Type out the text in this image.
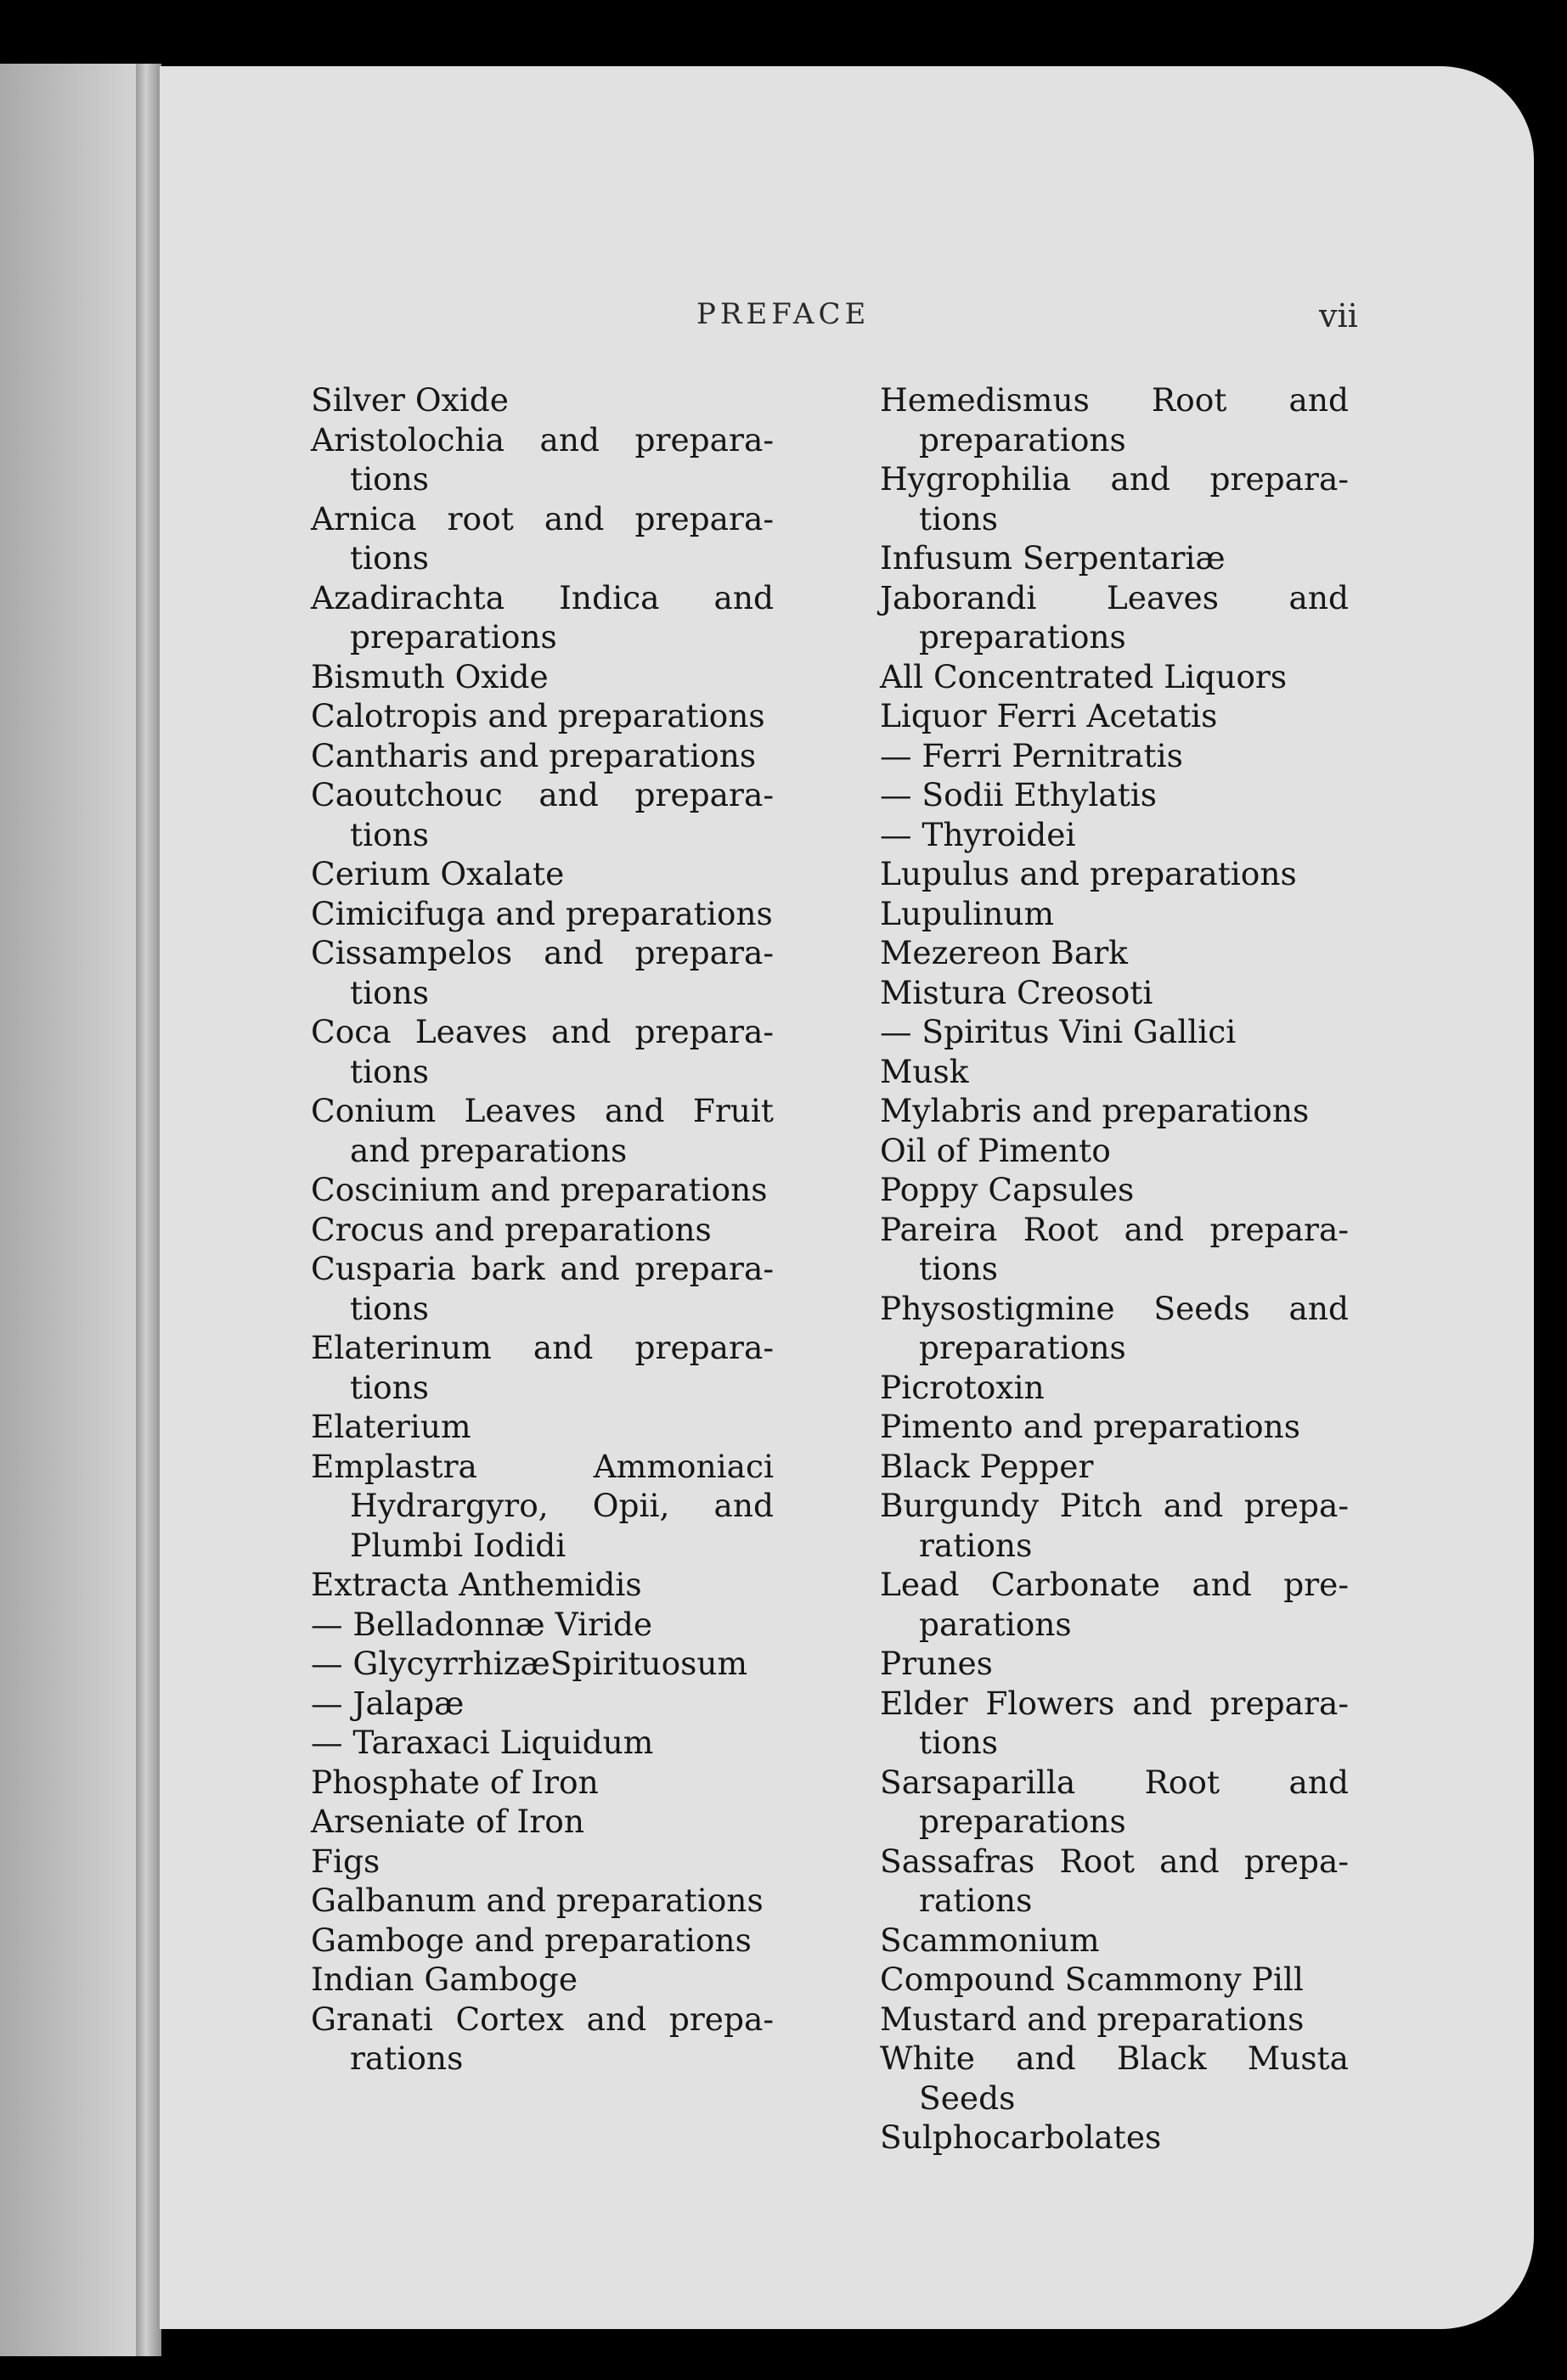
PREFACE	vii
Silver Oxide
Aristolochia and preparations
Arnica root and preparations
Azadirachta Indica and preparations
Bismuth Oxide
Calotropis and preparations
Cantharis and preparations
Caoutchouc and preparations
Cerium Oxalate
Cimicifuga and preparations
Cissampelos and preparations
Coca Leaves and preparations
Conium Leaves and Fruit and preparations
Coscinium and preparations
Crocus and preparations
Cusparia bark and preparations
Elaterinum and preparations
Elaterium
Emplastra Ammoniaci Hydrargyro, Opii, and Plumbi Iodidi
Extracta Anthemidis
— Belladonnæ Viride
— GlycyrrhizæSpirituosum
— Jalapæ
— Taraxaci Liquidum
Phosphate of Iron
Arseniate of Iron
Figs
Galbanum and preparations
Gamboge and preparations
Indian Gamboge
Granati Cortex and preparations
Hemedismus Root and preparations
Hygrophilia and preparations
Infusum Serpentariæ
Jaborandi Leaves and preparations
All Concentrated Liquors
Liquor Ferri Acetatis
— Ferri Pernitratis
— Sodii Ethylatis
— Thyroidei
Lupulus and preparations
Lupulinum
Mezereon Bark
Mistura Creosoti
— Spiritus Vini Gallici
Musk
Mylabris and preparations
Oil of Pimento
Poppy Capsules
Pareira Root and preparations
Physostigmine Seeds and preparations
Picrotoxin
Pimento and preparations
Black Pepper
Burgundy Pitch and preparations
Lead Carbonate and preparations
Prunes
Elder Flowers and preparations
Sarsaparilla Root and preparations
Sassafras Root and preparations
Scammonium
Compound Scammony Pill
Mustard and preparations
White and Black Musta Seeds
Sulphocarbolates
